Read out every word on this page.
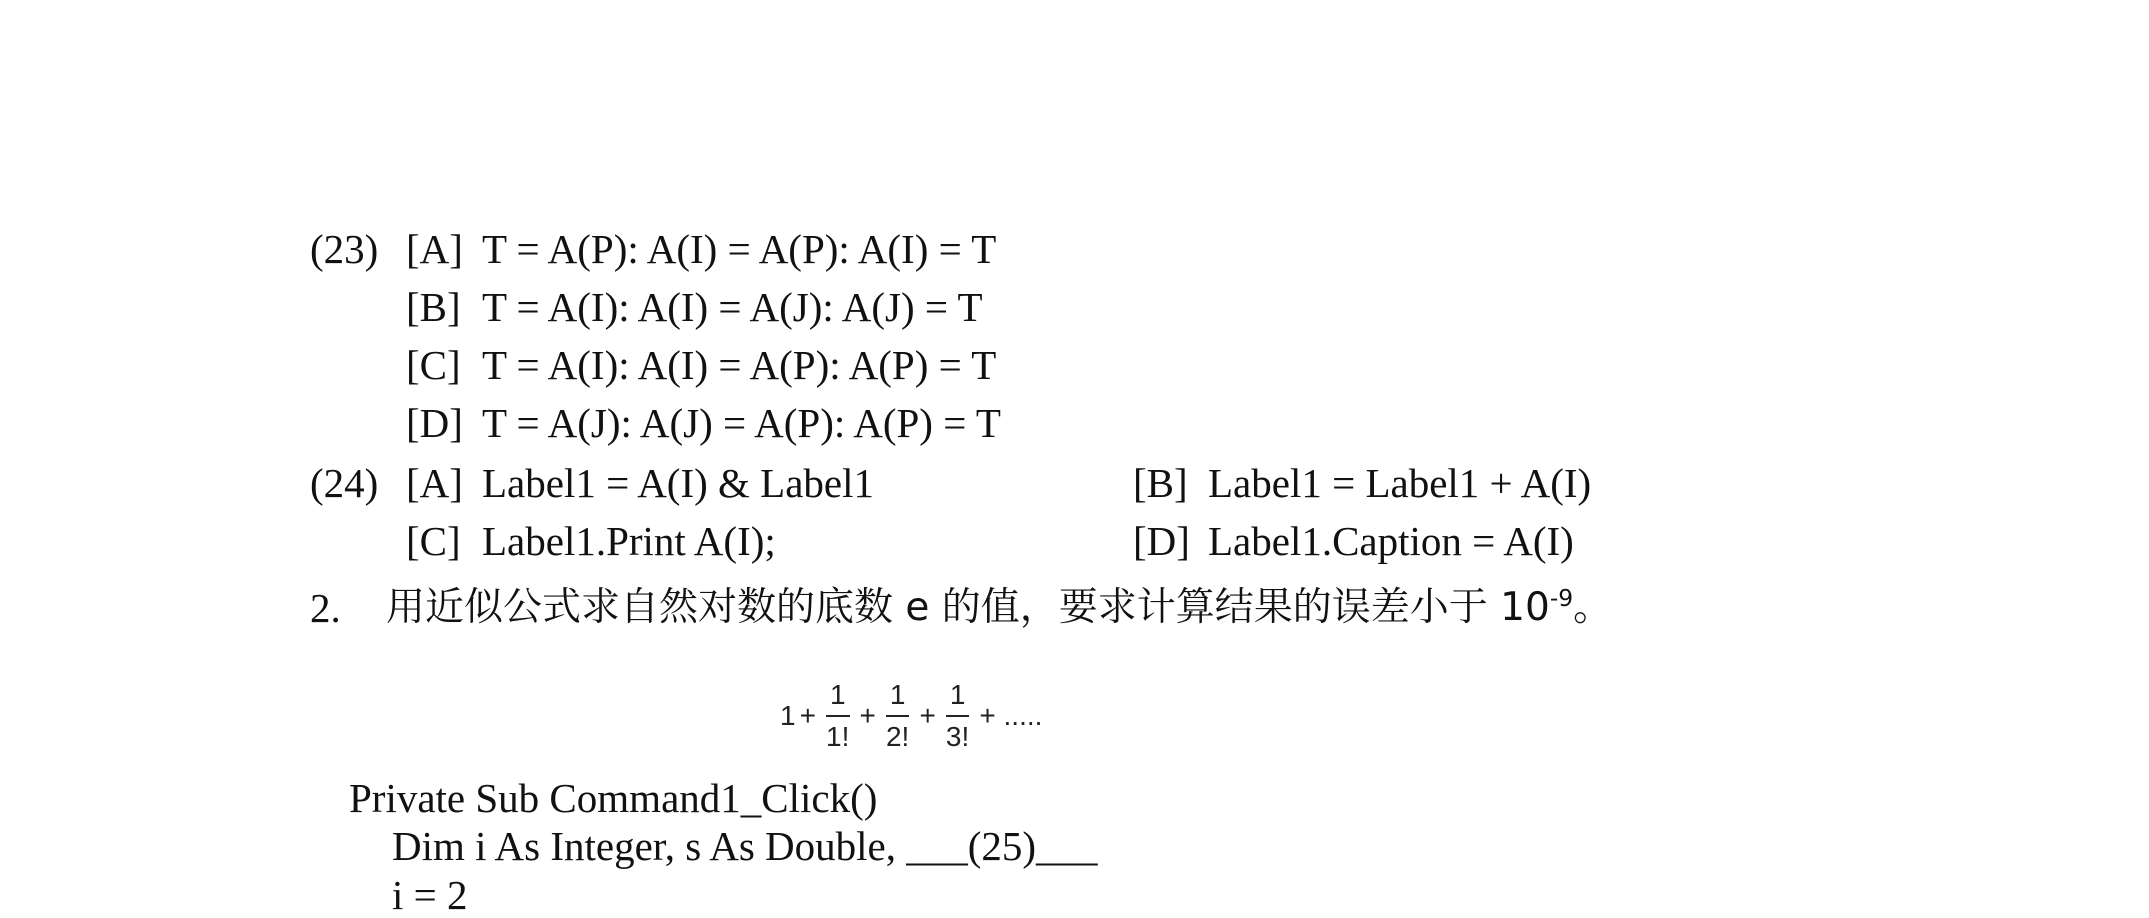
(23) [A] T = A(P): A(I) = A(P): A(I) = T
[B] T = A(I): A(I) = A(J): A(J) = T
[C] T = A(I): A(I) = A(P): A(P) = T
[D] T = A(J): A(J) = A(P): A(P) = T
(24) [A] Label1 = A(I) & Label1	[B] Label1 = Label1 + A(I)
[C] Label1.Print A(I);	[D] Label1.Caption = A(I)
2. 用近似公式求自然对数的底数 e 的值，要求计算结果的误差小于 $10^{-9}$。
$1 + \frac{1}{1!} + \frac{1}{2!} + \frac{1}{3!}$ + .....
Private Sub Command1_Click()
Dim i As Integer, s As Double, ___(25)___
i = 2
